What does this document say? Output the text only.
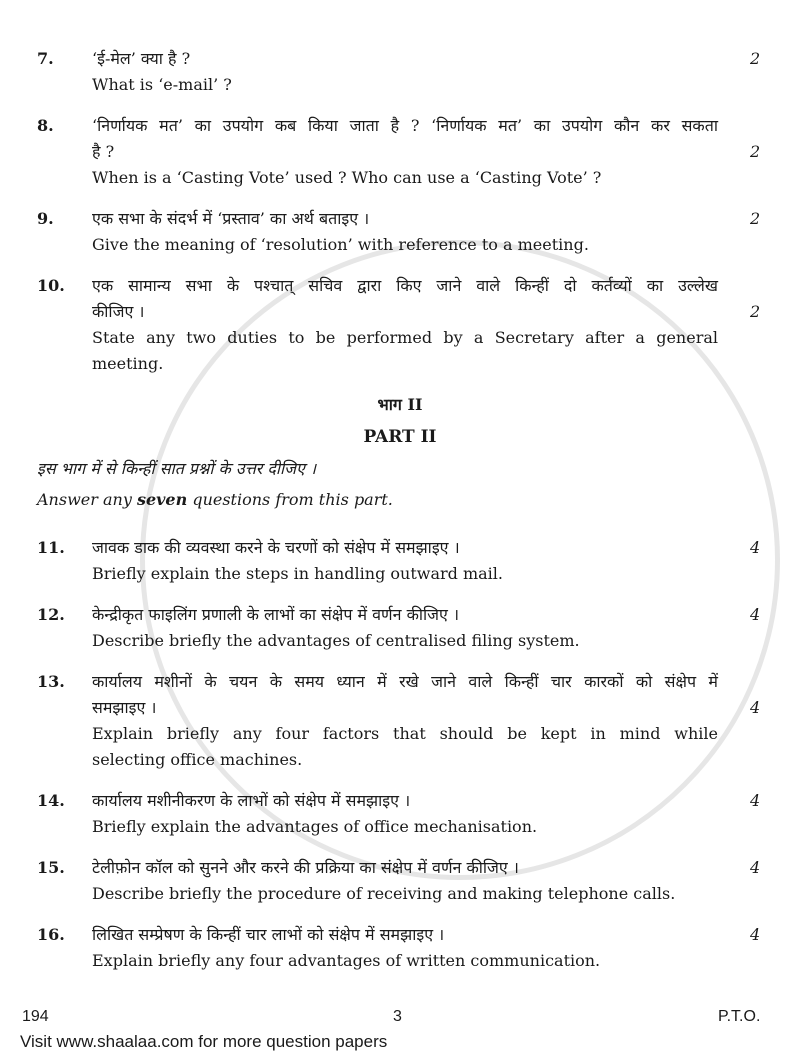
7. ‘ई-मेल’ क्या है ?	2
What is ‘e-mail’ ?
8. ‘निर्णायक मत’ का उपयोग कब किया जाता है ? ‘निर्णायक मत’ का उपयोग कौन कर सकता
है ?	2
When is a ‘Casting Vote’ used ? Who can use a ‘Casting Vote’ ?
9. एक सभा के संदर्भ में ‘प्रस्ताव’ का अर्थ बताइए ।	2
Give the meaning of ‘resolution’ with reference to a meeting.
10. एक सामान्य सभा के पश्चात् सचिव द्वारा किए जाने वाले किन्हीं दो कर्तव्यों का उल्लेख
कीजिए ।	2
State any two duties to be performed by a Secretary after a general
meeting.
भाग II
PART II
इस भाग में से किन्हीं सात प्रश्नों के उत्तर दीजिए ।
Answer any seven questions from this part.
11. जावक डाक की व्यवस्था करने के चरणों को संक्षेप में समझाइए ।	4
Briefly explain the steps in handling outward mail.
12. केन्द्रीकृत फाइलिंग प्रणाली के लाभों का संक्षेप में वर्णन कीजिए ।	4
Describe briefly the advantages of centralised filing system.
13. कार्यालय मशीनों के चयन के समय ध्यान में रखे जाने वाले किन्हीं चार कारकों को संक्षेप में
समझाइए ।	4
Explain briefly any four factors that should be kept in mind while
selecting office machines.
14. कार्यालय मशीनीकरण के लाभों को संक्षेप में समझाइए ।	4
Briefly explain the advantages of office mechanisation.
15. टेलीफ़ोन कॉल को सुनने और करने की प्रक्रिया का संक्षेप में वर्णन कीजिए ।	4
Describe briefly the procedure of receiving and making telephone calls.
16. लिखित सम्प्रेषण के किन्हीं चार लाभों को संक्षेप में समझाइए ।	4
Explain briefly any four advantages of written communication.
194	3	P.T.O.
Visit www.shaalaa.com for more question papers
